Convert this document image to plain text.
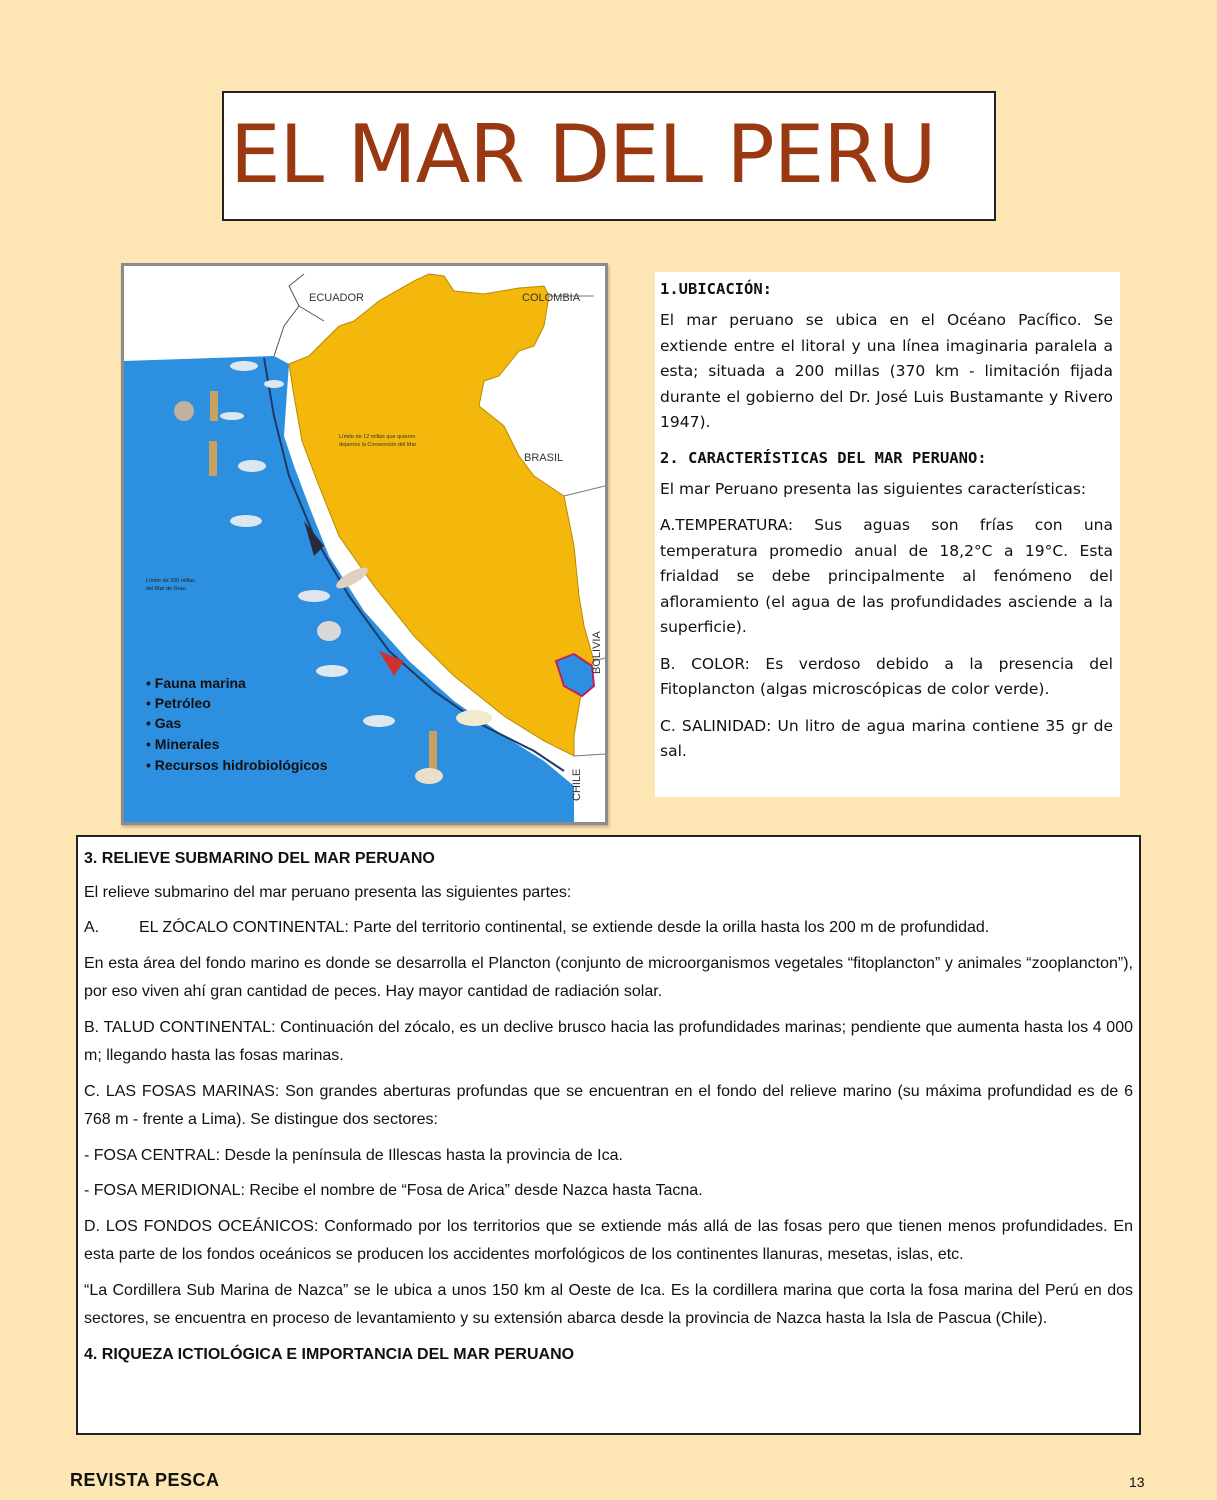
EL MAR DEL PERU
ECUADOR	COLOMBIA
BRASIL
BOLIVIA
CHILE
Límite de 12 millas que quieren
dejarnos la Convención del Mar
Límite de 200 millas
del Mar de Grau
• Fauna marina
• Petróleo
• Gas
• Minerales
• Recursos hidrobiológicos
1.UBICACIÓN:

El mar peruano se ubica en el Océano Pacífico. Se extiende entre el litoral y una línea imaginaria paralela a esta; situada a 200 millas (370 km - limitación fijada durante el gobierno del Dr. José Luis Bustamante y Rivero 1947).

2. CARACTERÍSTICAS DEL MAR PERUANO:

El mar Peruano presenta las siguientes características:

A.TEMPERATURA: Sus aguas son frías con una temperatura promedio anual de 18,2°C a 19°C. Esta frialdad se debe principalmente al fenómeno del afloramiento (el agua de las profundidades asciende a la superficie).

B. COLOR: Es verdoso debido a la presencia del Fitoplancton (algas microscópicas de color verde).

C. SALINIDAD: Un litro de agua marina contiene 35 gr de sal.

3. RELIEVE SUBMARINO DEL MAR PERUANO

El relieve submarino del mar peruano presenta las siguientes partes:

A. EL ZÓCALO CONTINENTAL: Parte del territorio continental, se extiende desde la orilla hasta los 200 m de profundidad.

En esta área del fondo marino es donde se desarrolla el Plancton (conjunto de microorganismos vegetales “fitoplancton” y animales “zooplancton”), por eso viven ahí gran cantidad de peces. Hay mayor cantidad de radiación solar.

B. TALUD CONTINENTAL: Continuación del zócalo, es un declive brusco hacia las profundidades marinas; pendiente que aumenta hasta los 4 000 m; llegando hasta las fosas marinas.

C. LAS FOSAS MARINAS: Son grandes aberturas profundas que se encuentran en el fondo del relieve marino (su máxima profundidad es de 6 768 m - frente a Lima). Se distingue dos sectores:

- FOSA CENTRAL: Desde la península de Illescas hasta la provincia de Ica.

- FOSA MERIDIONAL: Recibe el nombre de “Fosa de Arica” desde Nazca hasta Tacna.

D. LOS FONDOS OCEÁNICOS: Conformado por los territorios que se extiende más allá de las fosas pero que tienen menos profundidades. En esta parte de los fondos oceánicos se producen los accidentes morfológicos de los continentes llanuras, mesetas, islas, etc.

“La Cordillera Sub Marina de Nazca” se le ubica a unos 150 km al Oeste de Ica. Es la cordillera marina que corta la fosa marina del Perú en dos sectores, se encuentra en proceso de levantamiento y su extensión abarca desde la provincia de Nazca hasta la Isla de Pascua (Chile).

4. RIQUEZA ICTIOLÓGICA E IMPORTANCIA DEL MAR PERUANO

REVISTA PESCA	13
